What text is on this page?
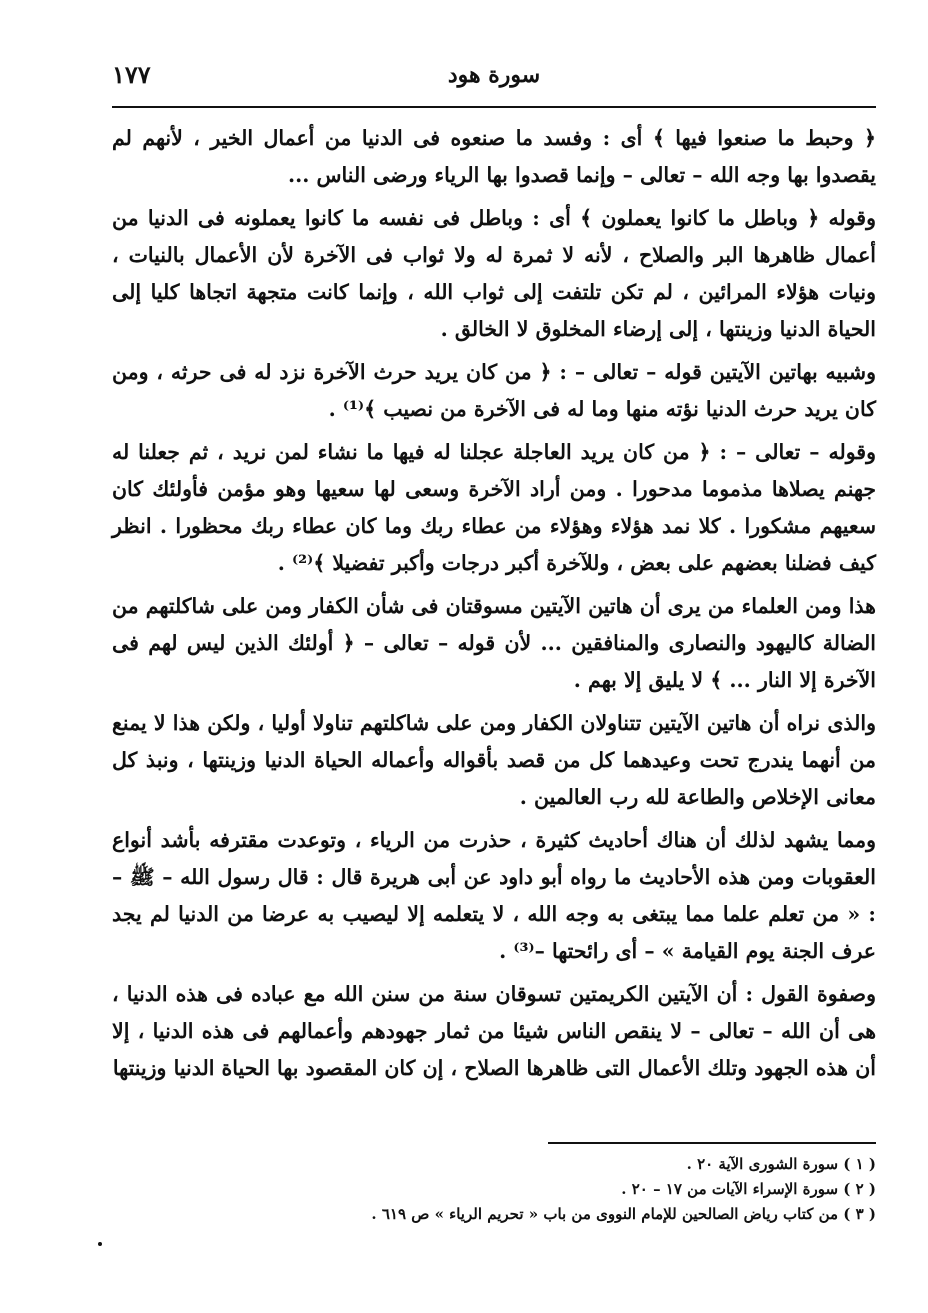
١٧٧	سورة هود

﴿ وحبط ما صنعوا فيها ﴾ أى : وفسد ما صنعوه فى الدنيا من أعمال الخير ، لأنهم لم يقصدوا بها وجه الله – تعالى – وإنما قصدوا بها الرياء ورضى الناس ...

وقوله ﴿ وباطل ما كانوا يعملون ﴾ أى : وباطل فى نفسه ما كانوا يعملونه فى الدنيا من أعمال ظاهرها البر والصلاح ، لأنه لا ثمرة له ولا ثواب فى الآخرة لأن الأعمال بالنيات ، ونيات هؤلاء المرائين ، لم تكن تلتفت إلى ثواب الله ، وإنما كانت متجهة اتجاها كليا إلى الحياة الدنيا وزينتها ، إلى إرضاء المخلوق لا الخالق .

وشبيه بهاتين الآيتين قوله – تعالى – : ﴿ من كان يريد حرث الآخرة نزد له فى حرثه ، ومن كان يريد حرث الدنيا نؤته منها وما له فى الآخرة من نصيب ﴾⁽¹⁾ .

وقوله – تعالى – : ﴿ من كان يريد العاجلة عجلنا له فيها ما نشاء لمن نريد ، ثم جعلنا له جهنم يصلاها مذموما مدحورا . ومن أراد الآخرة وسعى لها سعيها وهو مؤمن فأولئك كان سعيهم مشكورا . كلا نمد هؤلاء وهؤلاء من عطاء ربك وما كان عطاء ربك محظورا . انظر كيف فضلنا بعضهم على بعض ، وللآخرة أكبر درجات وأكبر تفضيلا ﴾⁽²⁾ .

هذا ومن العلماء من يرى أن هاتين الآيتين مسوقتان فى شأن الكفار ومن على شاكلتهم من الضالة كاليهود والنصارى والمنافقين ... لأن قوله – تعالى – ﴿ أولئك الذين ليس لهم فى الآخرة إلا النار ... ﴾ لا يليق إلا بهم .

والذى نراه أن هاتين الآيتين تتناولان الكفار ومن على شاكلتهم تناولا أوليا ، ولكن هذا لا يمنع من أنهما يندرج تحت وعيدهما كل من قصد بأقواله وأعماله الحياة الدنيا وزينتها ، ونبذ كل معانى الإخلاص والطاعة لله رب العالمين .

ومما يشهد لذلك أن هناك أحاديث كثيرة ، حذرت من الرياء ، وتوعدت مقترفه بأشد أنواع العقوبات ومن هذه الأحاديث ما رواه أبو داود عن أبى هريرة قال : قال رسول الله – ﷺ – : « من تعلم علما مما يبتغى به وجه الله ، لا يتعلمه إلا ليصيب به عرضا من الدنيا لم يجد عرف الجنة يوم القيامة » – أى رائحتها –⁽³⁾ .

وصفوة القول : أن الآيتين الكريمتين تسوقان سنة من سنن الله مع عباده فى هذه الدنيا ، هى أن الله – تعالى – لا ينقص الناس شيئا من ثمار جهودهم وأعمالهم فى هذه الدنيا ، إلا أن هذه الجهود وتلك الأعمال التى ظاهرها الصلاح ، إن كان المقصود بها الحياة الدنيا وزينتها

( ١ ) سورة الشورى الآية ٢٠ .
( ٢ ) سورة الإسراء الآيات من ١٧ – ٢٠ .
( ٣ ) من كتاب رياض الصالحين للإمام النووى من باب « تحريم الرياء » ص ٦١٩ .
